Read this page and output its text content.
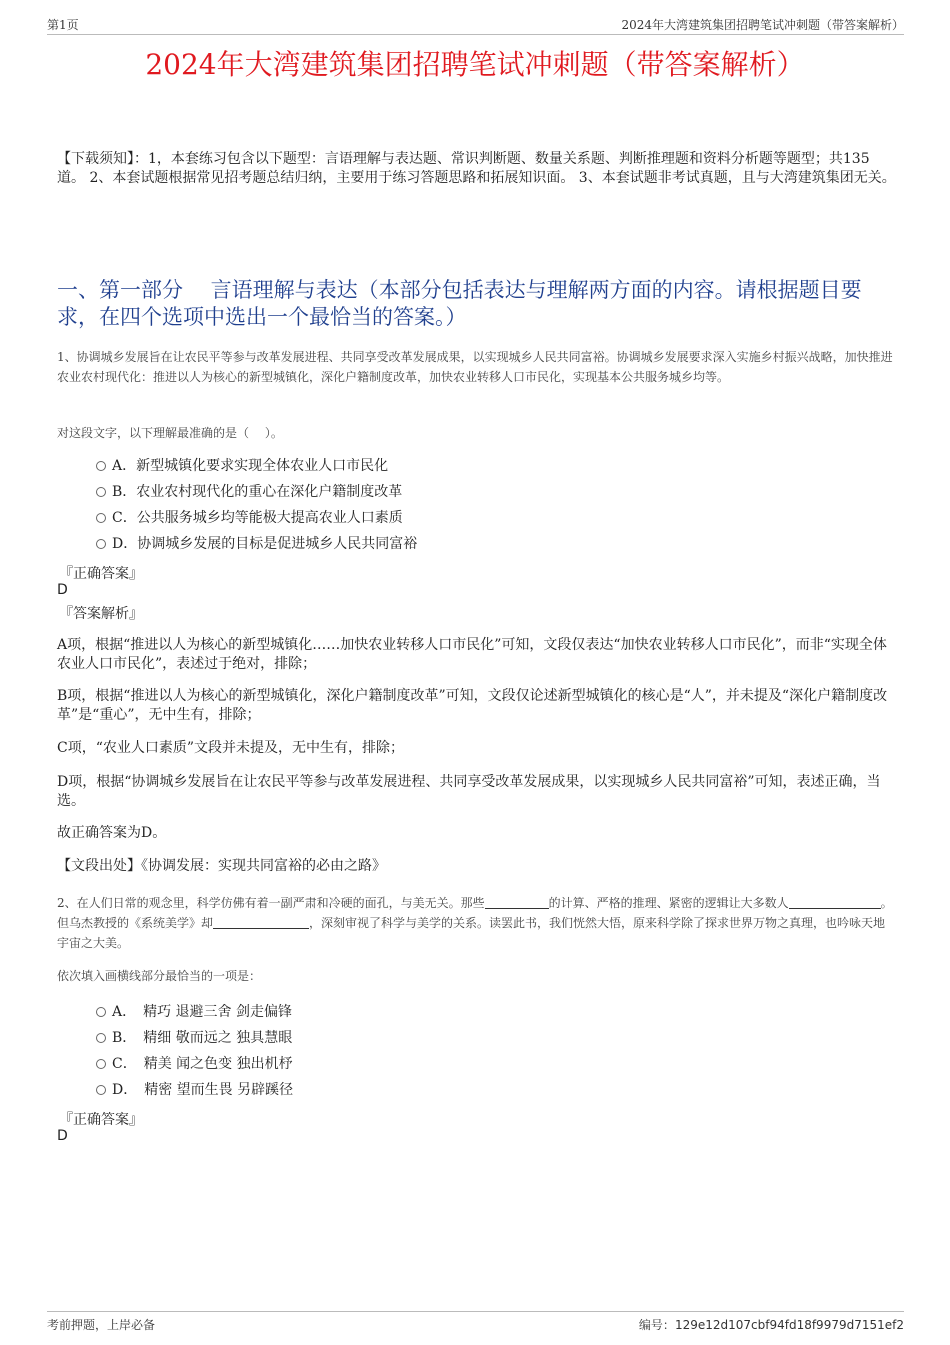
第1页	2024年大湾建筑集团招聘笔试冲刺题（带答案解析）
2024年大湾建筑集团招聘笔试冲刺题（带答案解析）
【下载须知】：1，本套练习包含以下题型：言语理解与表达题、常识判断题、数量关系题、判断推理题和资料分析题等题型；共135道。 2、本套试题根据常见招考题总结归纳，主要用于练习答题思路和拓展知识面。 3、本套试题非考试真题，且与大湾建筑集团无关。
一、第一部分　 言语理解与表达（本部分包括表达与理解两方面的内容。请根据题目要求，在四个选项中选出一个最恰当的答案。）
1、协调城乡发展旨在让农民平等参与改革发展进程、共同享受改革发展成果，以实现城乡人民共同富裕。协调城乡发展要求深入实施乡村振兴战略，加快推进农业农村现代化：推进以人为核心的新型城镇化，深化户籍制度改革，加快农业转移人口市民化，实现基本公共服务城乡均等。
对这段文字，以下理解最准确的是（　 ）。
A．新型城镇化要求实现全体农业人口市民化
B．农业农村现代化的重心在深化户籍制度改革
C．公共服务城乡均等能极大提高农业人口素质
D．协调城乡发展的目标是促进城乡人民共同富裕
『正确答案』
D
『答案解析』
A项，根据“推进以人为核心的新型城镇化……加快农业转移人口市民化”可知，文段仅表达“加快农业转移人口市民化”，而非“实现全体农业人口市民化”，表述过于绝对，排除；
B项，根据“推进以人为核心的新型城镇化，深化户籍制度改革”可知，文段仅论述新型城镇化的核心是“人”，并未提及“深化户籍制度改革”是“重心”，无中生有，排除；
C项，“农业人口素质”文段并未提及，无中生有，排除；
D项，根据“协调城乡发展旨在让农民平等参与改革发展进程、共同享受改革发展成果，以实现城乡人民共同富裕”可知，表述正确，当选。
故正确答案为D。
【文段出处】《协调发展：实现共同富裕的必由之路》
2、在人们日常的观念里，科学仿佛有着一副严肃和冷硬的面孔，与美无关。那些	的计算、严格的推理、紧密的逻辑让大多数人	。但乌杰教授的《系统美学》却	，深刻审视了科学与美学的关系。读罢此书，我们恍然大悟，原来科学除了探求世界万物之真理，也吟咏天地宇宙之大美。
依次填入画横线部分最恰当的一项是：
A．　精巧 退避三舍 剑走偏锋
B．　精细 敬而远之 独具慧眼
C．　精美 闻之色变 独出机杼
D．　精密 望而生畏 另辟蹊径
『正确答案』
D
考前押题，上岸必备	编号：129e12d107cbf94fd18f9979d7151ef2
